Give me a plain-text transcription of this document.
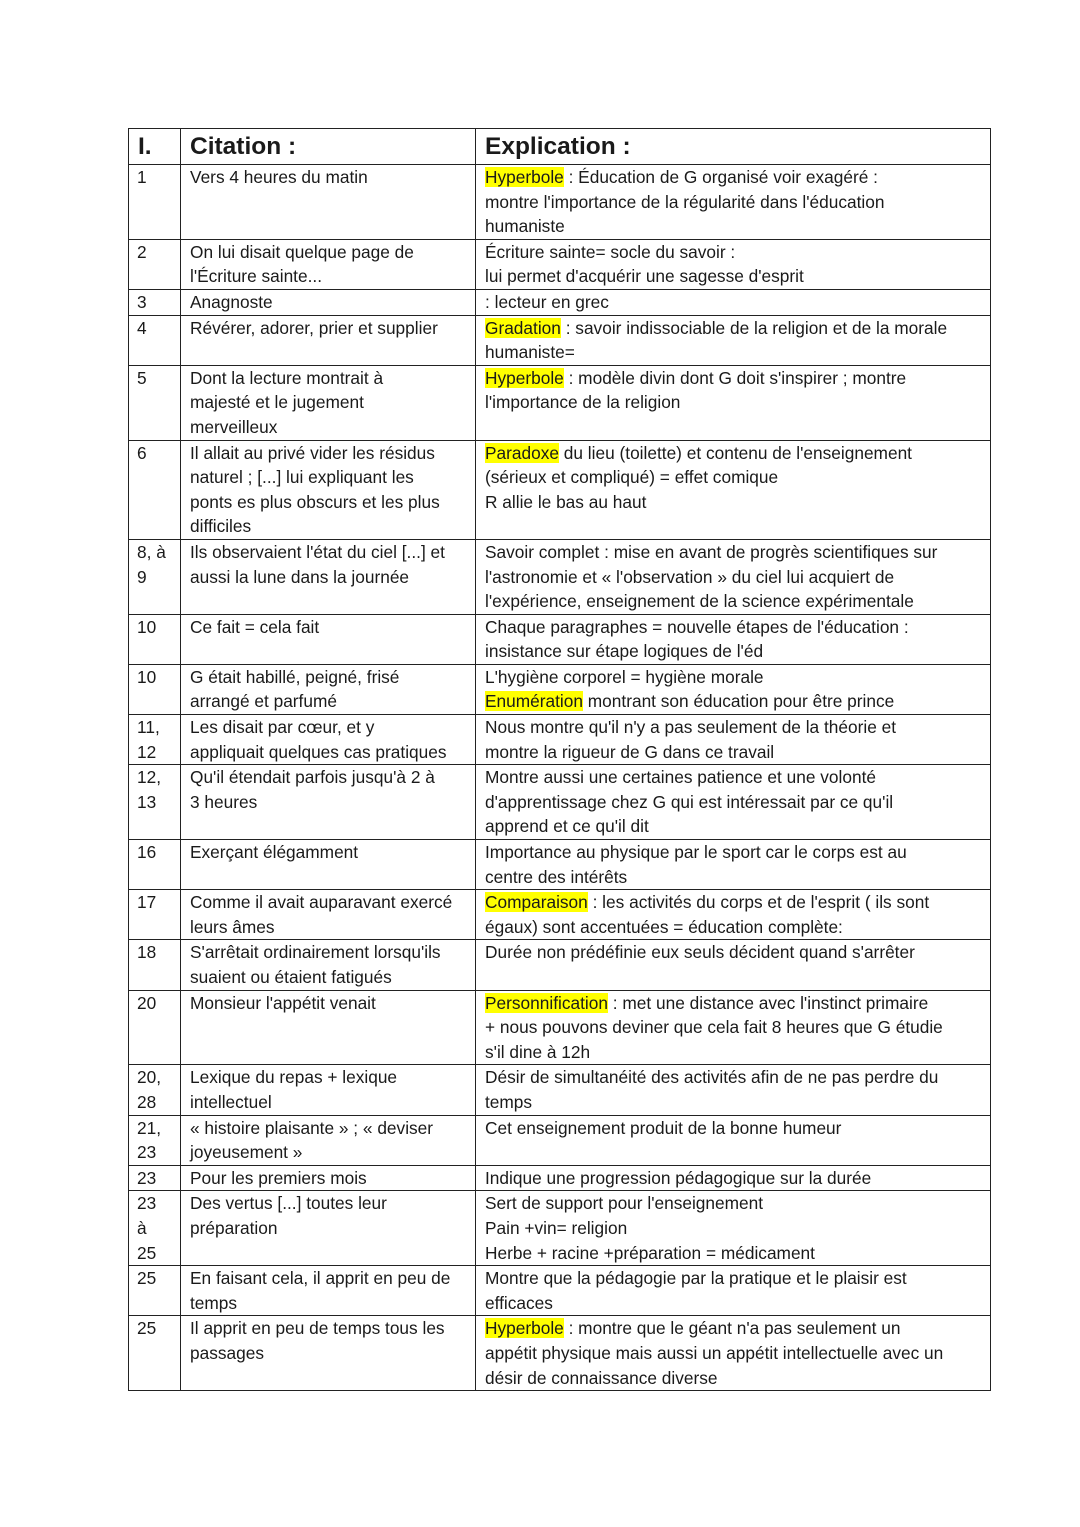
I.	Citation :	Explication :

1	Vers 4 heures du matin	Hyperbole : Éducation de G organisé voir exagéré :
montre l'importance de la régularité dans l'éducation
humaniste

2	On lui disait quelque page de
l'Écriture sainte...	Écriture sainte= socle du savoir :
lui permet d'acquérir une sagesse d'esprit

3	Anagnoste	: lecteur en grec

4	Révérer, adorer, prier et supplier	Gradation : savoir indissociable de la religion et de la morale
humaniste=

5	Dont la lecture montrait à
majesté et le jugement
merveilleux	Hyperbole : modèle divin dont G doit s'inspirer ; montre
l'importance de la religion

6	Il allait au privé vider les résidus
naturel ; [...] lui expliquant les
ponts es plus obscurs et les plus
difficiles	Paradoxe du lieu (toilette) et contenu de l'enseignement
(sérieux et compliqué) = effet comique
R allie le bas au haut

8, à
9	Ils observaient l'état du ciel [...] et
aussi la lune dans la journée	Savoir complet : mise en avant de progrès scientifiques sur
l'astronomie et « l'observation » du ciel lui acquiert de
l'expérience, enseignement de la science expérimentale

10	Ce fait = cela fait	Chaque paragraphes = nouvelle étapes de l'éducation :
insistance sur étape logiques de l'éd

10	G était habillé, peigné, frisé
arrangé et parfumé	L'hygiène corporel = hygiène morale
Enumération montrant son éducation pour être prince

11,
12	Les disait par cœur, et y
appliquait quelques cas pratiques	Nous montre qu'il n'y a pas seulement de la théorie et
montre la rigueur de G dans ce travail

12,
13	Qu'il étendait parfois jusqu'à 2 à
3 heures	Montre aussi une certaines patience et une volonté
d'apprentissage chez G qui est intéressait par ce qu'il
apprend et ce qu'il dit

16	Exerçant élégamment	Importance au physique par le sport car le corps est au
centre des intérêts

17	Comme il avait auparavant exercé
leurs âmes	Comparaison : les activités du corps et de l'esprit ( ils sont
égaux) sont accentuées = éducation complète:

18	S'arrêtait ordinairement lorsqu'ils
suaient ou étaient fatigués	Durée non prédéfinie eux seuls décident quand s'arrêter

20	Monsieur l'appétit venait	Personnification : met une distance avec l'instinct primaire
+ nous pouvons deviner que cela fait 8 heures que G étudie
s'il dine à 12h

20,
28	Lexique du repas + lexique
intellectuel	Désir de simultanéité des activités afin de ne pas perdre du
temps

21,
23	« histoire plaisante » ; « deviser
joyeusement »	Cet enseignement produit de la bonne humeur

23	Pour les premiers mois	Indique une progression pédagogique sur la durée

23
à
25	Des vertus [...] toutes leur
préparation	Sert de support pour l'enseignement
Pain +vin= religion
Herbe + racine +préparation = médicament

25	En faisant cela, il apprit en peu de
temps	Montre que la pédagogie par la pratique et le plaisir est
efficaces

25	Il apprit en peu de temps tous les
passages	Hyperbole : montre que le géant n'a pas seulement un
appétit physique mais aussi un appétit intellectuelle avec un
désir de connaissance diverse
